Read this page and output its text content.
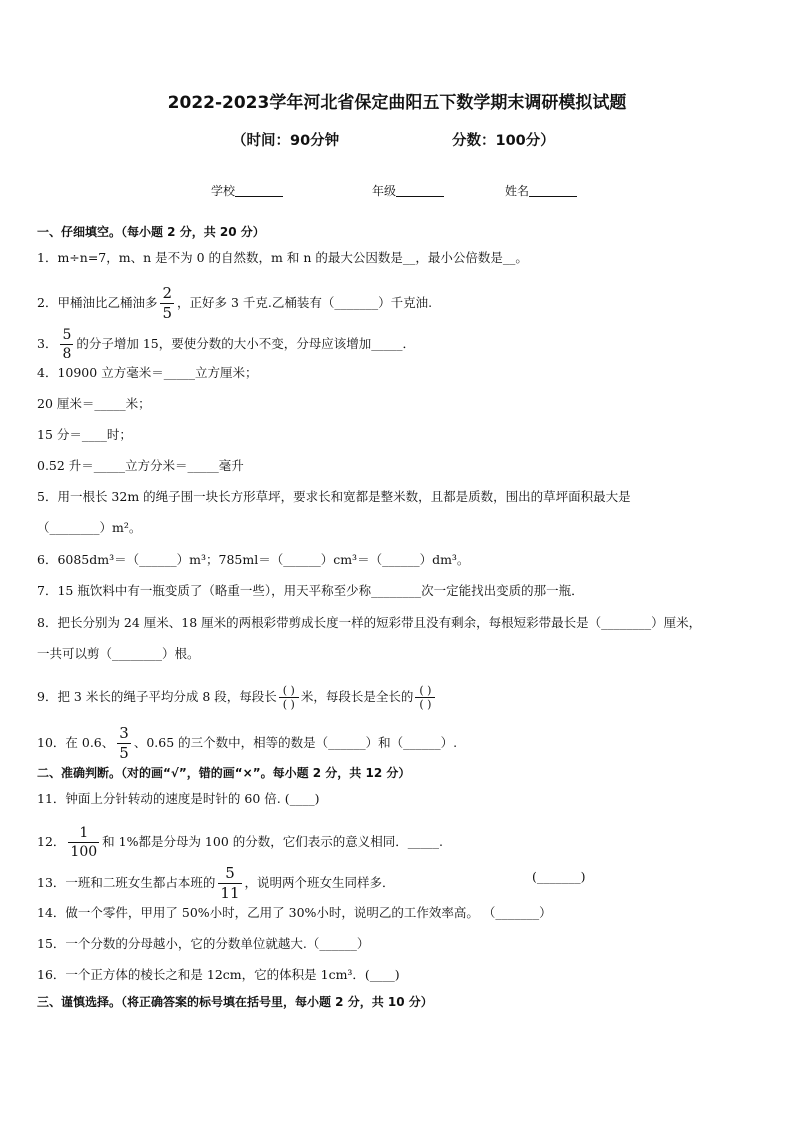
2022-2023学年河北省保定曲阳五下数学期末调研模拟试题
（时间：90分钟	分数：100分）
学校	年级	姓名
一、仔细填空。（每小题 2 分，共 20 分）
1．m÷n=7，m、n 是不为 0 的自然数，m 和 n 的最大公因数是__，最小公倍数是__。
2．甲桶油比乙桶油多 $\frac{2}{5}$ ，正好多 3 千克.乙桶装有（_______）千克油.
3． $\frac{5}{8}$ 的分子增加 15，要使分数的大小不变，分母应该增加_____．
4．10900 立方毫米＝_____立方厘米；
20 厘米＝_____米；
15 分＝____时；
0.52 升＝_____立方分米＝_____毫升
5．用一根长 32m 的绳子围一块长方形草坪，要求长和宽都是整米数，且都是质数，围出的草坪面积最大是
（________）m²。
6．6085dm³＝（______）m³；785ml＝（______）cm³＝（______）dm³。
7．15 瓶饮料中有一瓶变质了（略重一些），用天平称至少称________次一定能找出变质的那一瓶．
8．把长分别为 24 厘米、18 厘米的两根彩带剪成长度一样的短彩带且没有剩余，每根短彩带最长是（________）厘米，
一共可以剪（________）根。
9．把 3 米长的绳子平均分成 8 段，每段长 ( )
( )
米，每段长是全长的 ( )
( )
10．在 0.6、 $\frac{3}{5}$ 、0.65 的三个数中，相等的数是（______）和（______）.
二、准确判断。（对的画“√”，错的画“×”。每小题 2 分，共 12 分）
11．钟面上分针转动的速度是时针的 60 倍. (____)
12． $\frac{1}{100}$ 和 1%都是分母为 100 的分数，它们表示的意义相同．_____.
13．一班和二班女生都占本班的 $\frac{5}{11}$ ，说明两个班女生同样多．	(_______)
14．做一个零件，甲用了 50%小时，乙用了 30%小时，说明乙的工作效率高。 （_______）
15．一个分数的分母越小，它的分数单位就越大.（______）
16．一个正方体的棱长之和是 12cm，它的体积是 1cm³．(____)
三、谨慎选择。（将正确答案的标号填在括号里，每小题 2 分，共 10 分）
